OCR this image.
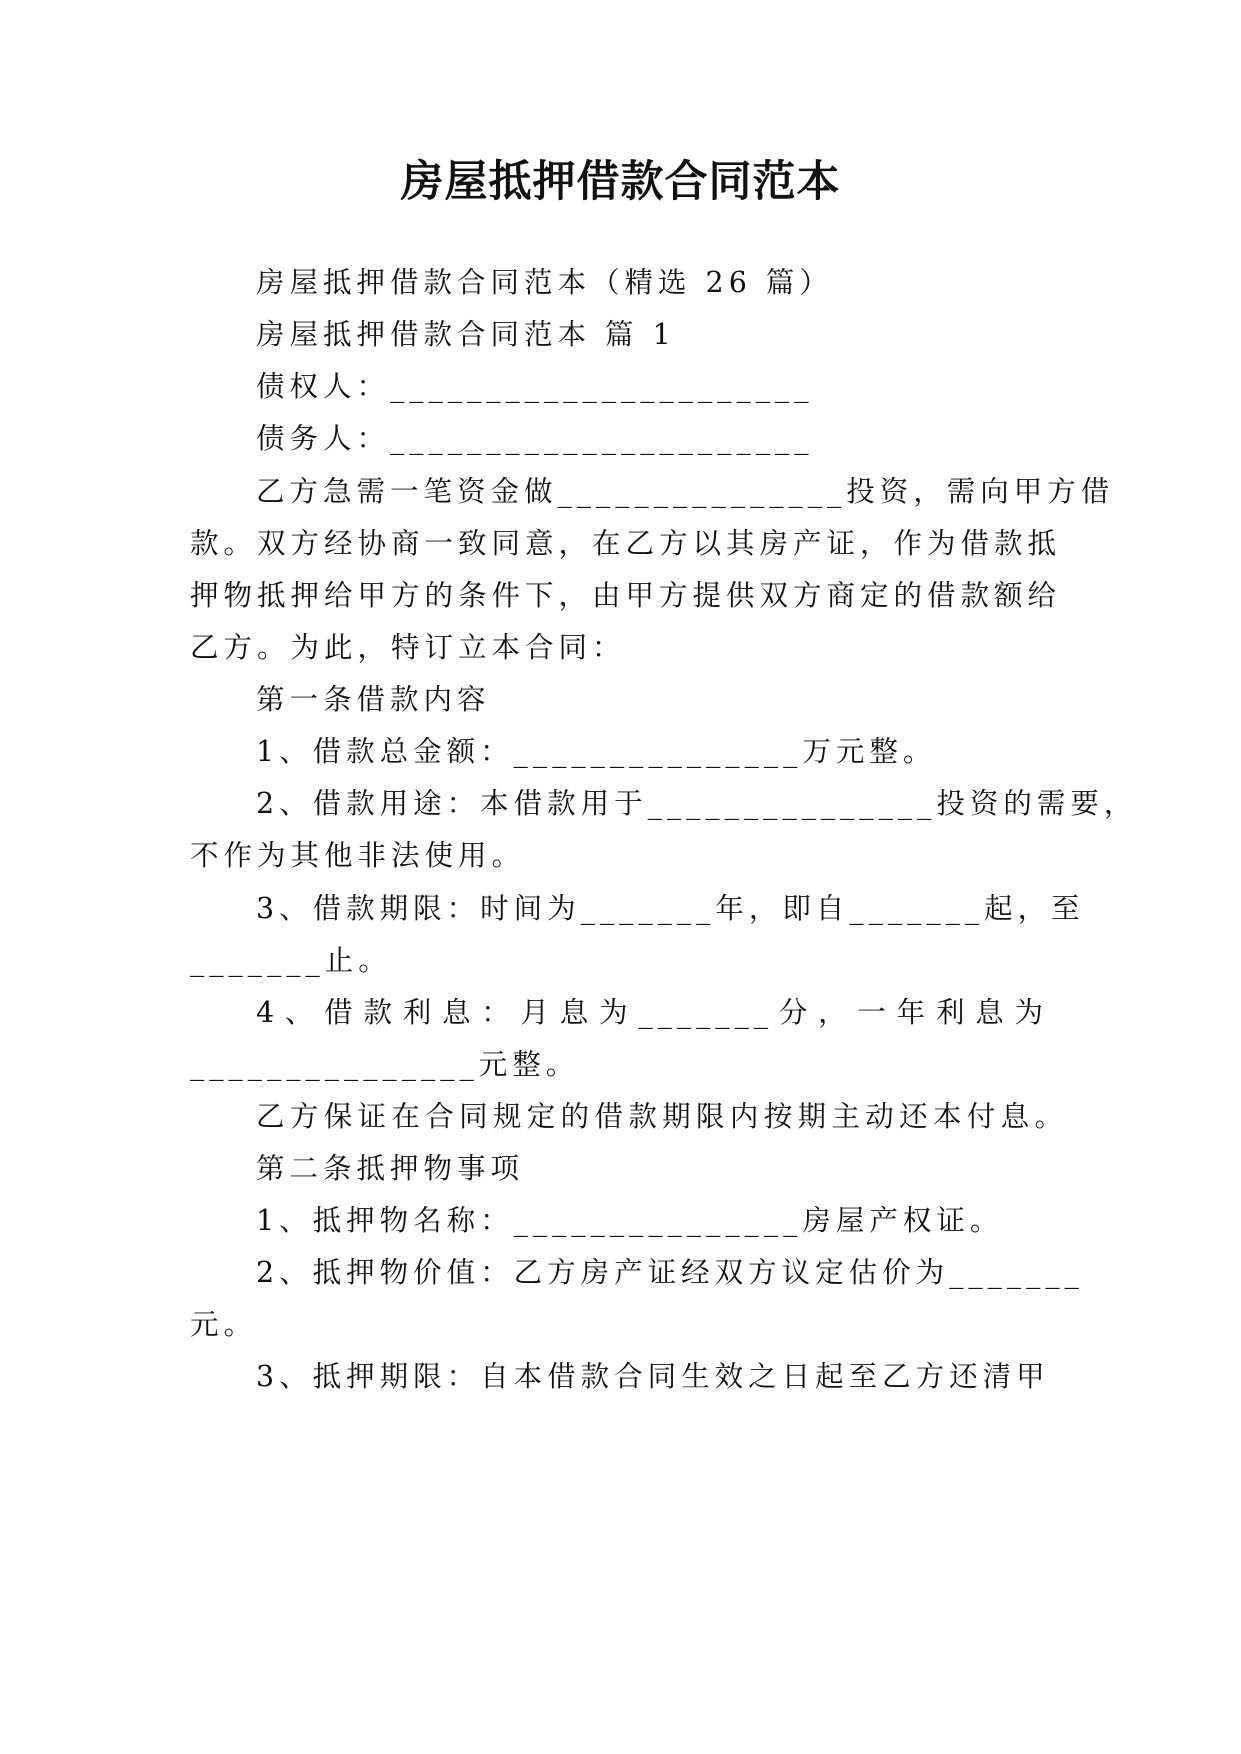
房屋抵押借款合同范本
房屋抵押借款合同范本（精选 26 篇）
房屋抵押借款合同范本 篇 1
债权人：______________________
债务人：______________________
乙方急需一笔资金做_______________投资，需向甲方借
款。双方经协商一致同意，在乙方以其房产证，作为借款抵
押物抵押给甲方的条件下，由甲方提供双方商定的借款额给
乙方。为此，特订立本合同：
第一条借款内容
1、借款总金额：_______________万元整。
2、借款用途：本借款用于_______________投资的需要，
不作为其他非法使用。
3、借款期限：时间为_______年，即自_______起，至
_______止。
4、借款利息：月息为_______分，一年利息为
_______________元整。
乙方保证在合同规定的借款期限内按期主动还本付息。
第二条抵押物事项
1、抵押物名称：_______________房屋产权证。
2、抵押物价值：乙方房产证经双方议定估价为_______
元。
3、抵押期限：自本借款合同生效之日起至乙方还清甲
